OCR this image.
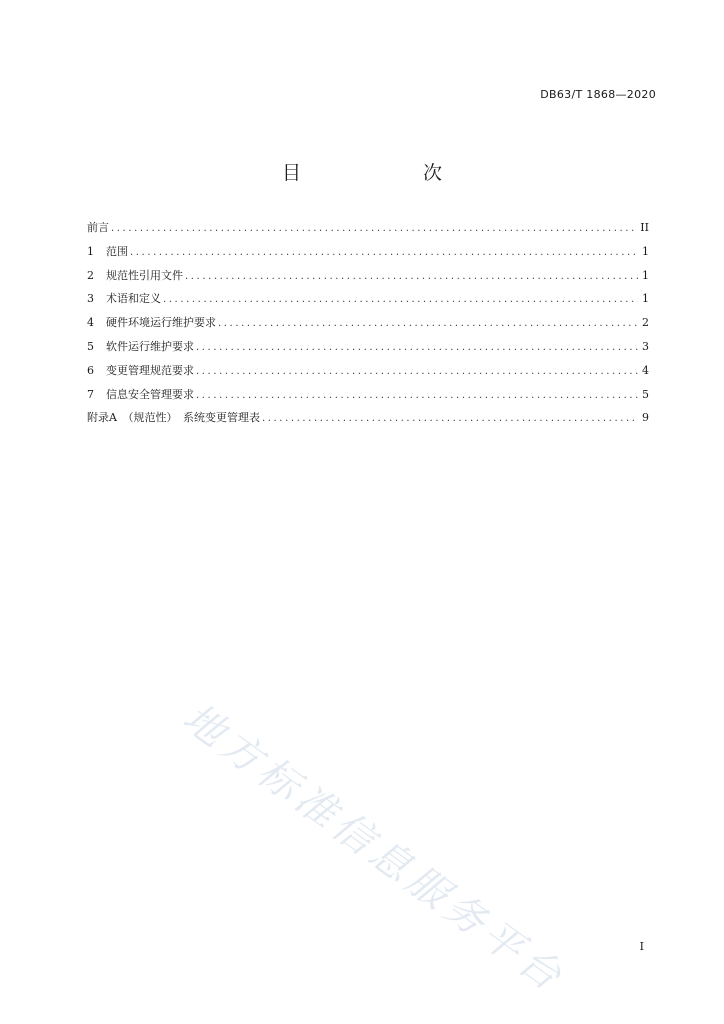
DB63/T 1868—2020
目　　次
前言 .....	II
1 范围 .....	1
2 规范性引用文件 .....	1
3 术语和定义 .....	1
4 硬件环境运行维护要求 .....	2
5 软件运行维护要求 .....	3
6 变更管理规范要求 .....	4
7 信息安全管理要求 .....	5
附录A　（规范性）　系统变更管理表 .....	9
地方标准信息服务平台	I
